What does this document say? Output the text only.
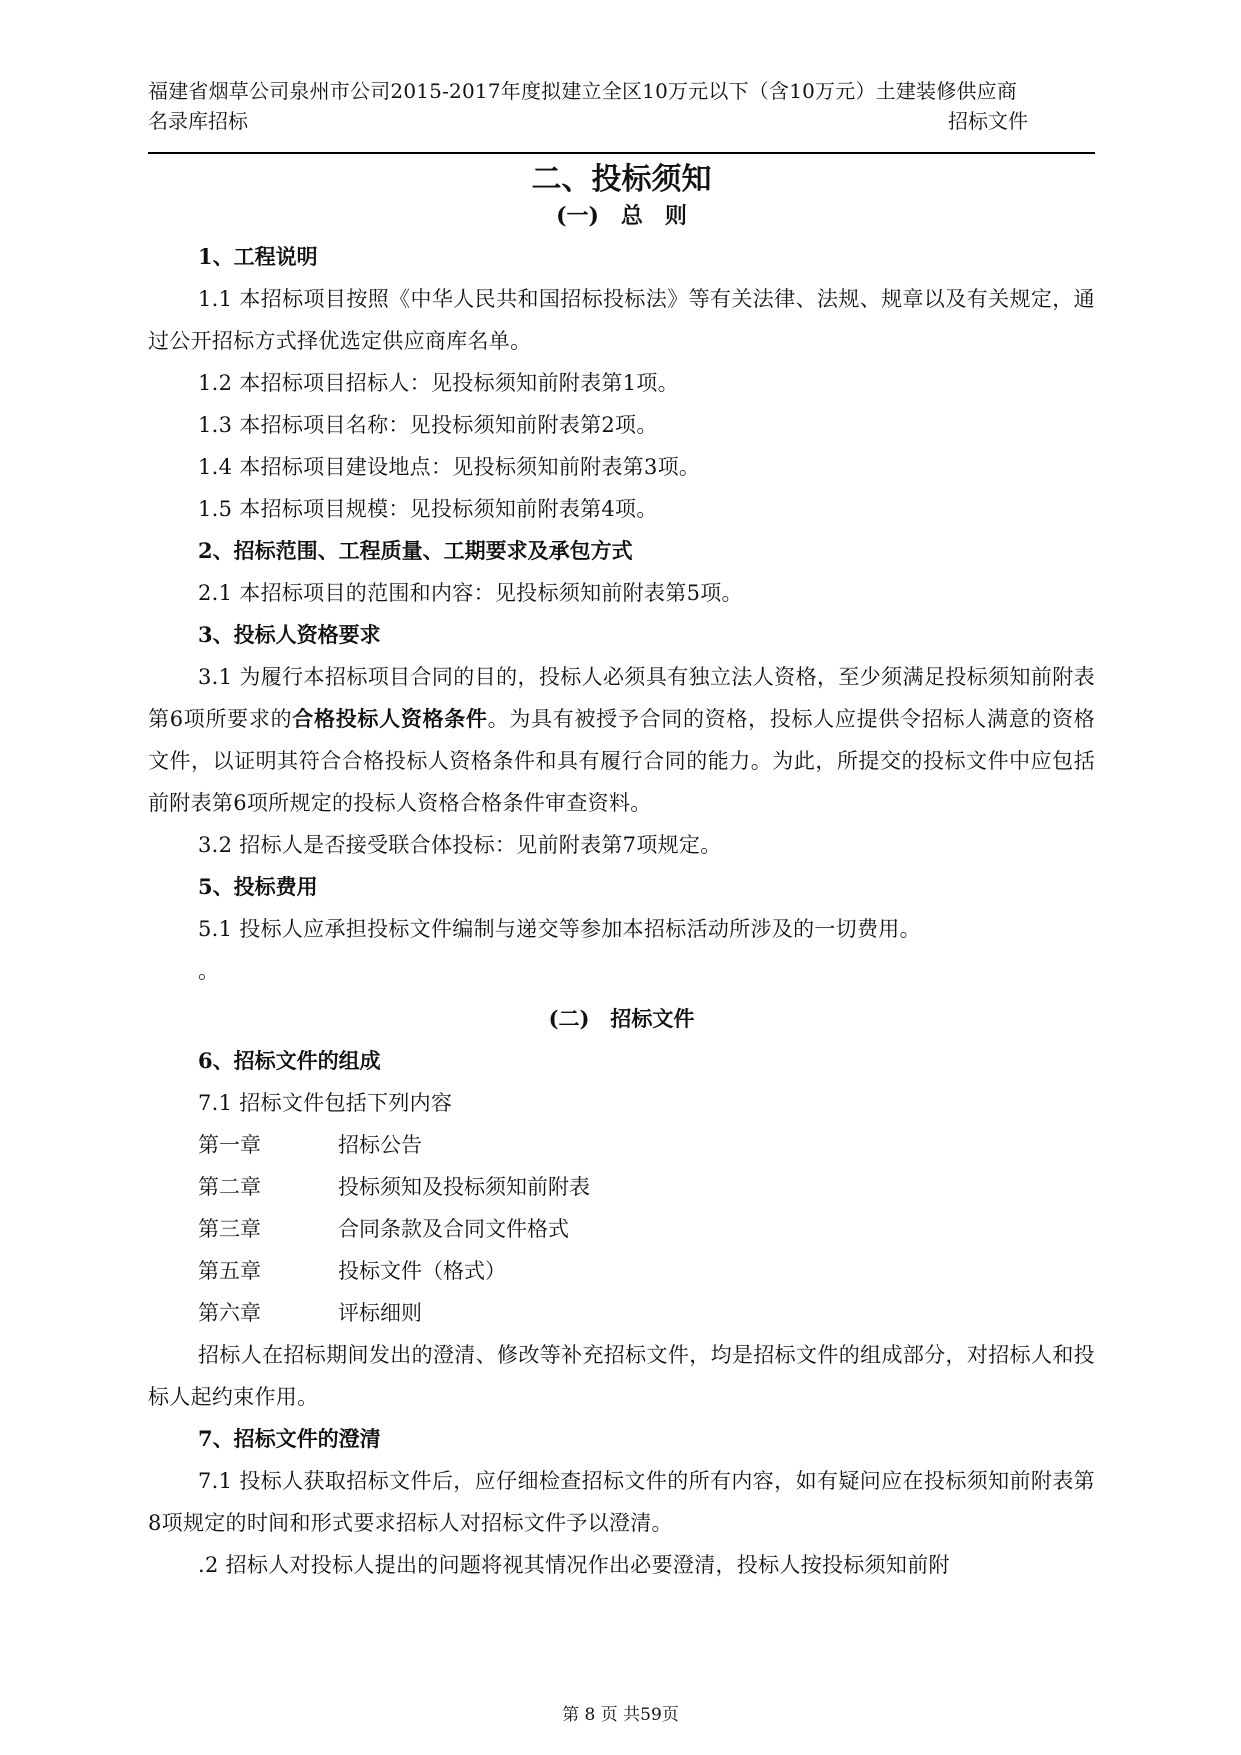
福建省烟草公司泉州市公司2015-2017年度拟建立全区10万元以下（含10万元）土建装修供应商
名录库招标	招标文件
二、投标须知
(一)　总　则
1、工程说明

1.1 本招标项目按照《中华人民共和国招标投标法》等有关法律、法规、规章以及有关规定，通过公开招标方式择优选定供应商库名单。

1.2 本招标项目招标人：见投标须知前附表第1项。

1.3 本招标项目名称：见投标须知前附表第2项。

1.4 本招标项目建设地点：见投标须知前附表第3项。

1.5 本招标项目规模：见投标须知前附表第4项。

2、招标范围、工程质量、工期要求及承包方式

2.1 本招标项目的范围和内容：见投标须知前附表第5项。

3、投标人资格要求

3.1 为履行本招标项目合同的目的，投标人必须具有独立法人资格，至少须满足投标须知前附表第6项所要求的合格投标人资格条件。为具有被授予合同的资格，投标人应提供令招标人满意的资格文件，以证明其符合合格投标人资格条件和具有履行合同的能力。为此，所提交的投标文件中应包括前附表第6项所规定的投标人资格合格条件审查资料。

3.2 招标人是否接受联合体投标：见前附表第7项规定。

5、投标费用

5.1 投标人应承担投标文件编制与递交等参加本招标活动所涉及的一切费用。

。
(二)　招标文件
6、招标文件的组成

7.1 招标文件包括下列内容

第一章	招标公告
第二章	投标须知及投标须知前附表
第三章	合同条款及合同文件格式
第五章	投标文件（格式）
第六章	评标细则

招标人在招标期间发出的澄清、修改等补充招标文件，均是招标文件的组成部分，对招标人和投标人起约束作用。

7、招标文件的澄清

7.1 投标人获取招标文件后，应仔细检查招标文件的所有内容，如有疑问应在投标须知前附表第8项规定的时间和形式要求招标人对招标文件予以澄清。

.2 招标人对投标人提出的问题将视其情况作出必要澄清，投标人按投标须知前附

第 8 页 共59页
